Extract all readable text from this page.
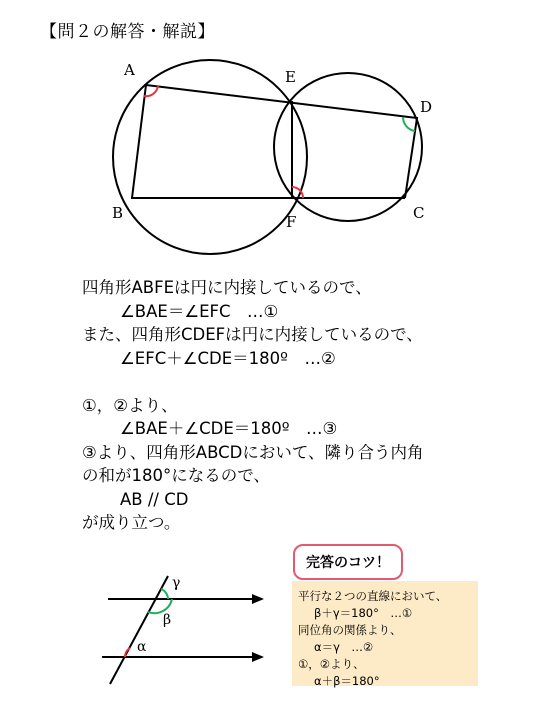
【問２の解答・解説】
A	E
D
B	F	C
γ
β
α
四角形ABFEは円に内接しているので、
∠BAE＝∠EFC　…①
また、四角形CDEFは円に内接しているので、
∠EFC＋∠CDE＝180º　…②
①，②より、
∠BAE＋∠CDE＝180º　…③
③より、四角形ABCDにおいて、隣り合う内角
の和が180°になるので、
AB // CD
が成り立つ。
完答のコツ！
平行な２つの直線において、
β＋γ＝180°　…①
同位角の関係より、
α＝γ　…②
①，②より、
α＋β＝180°
